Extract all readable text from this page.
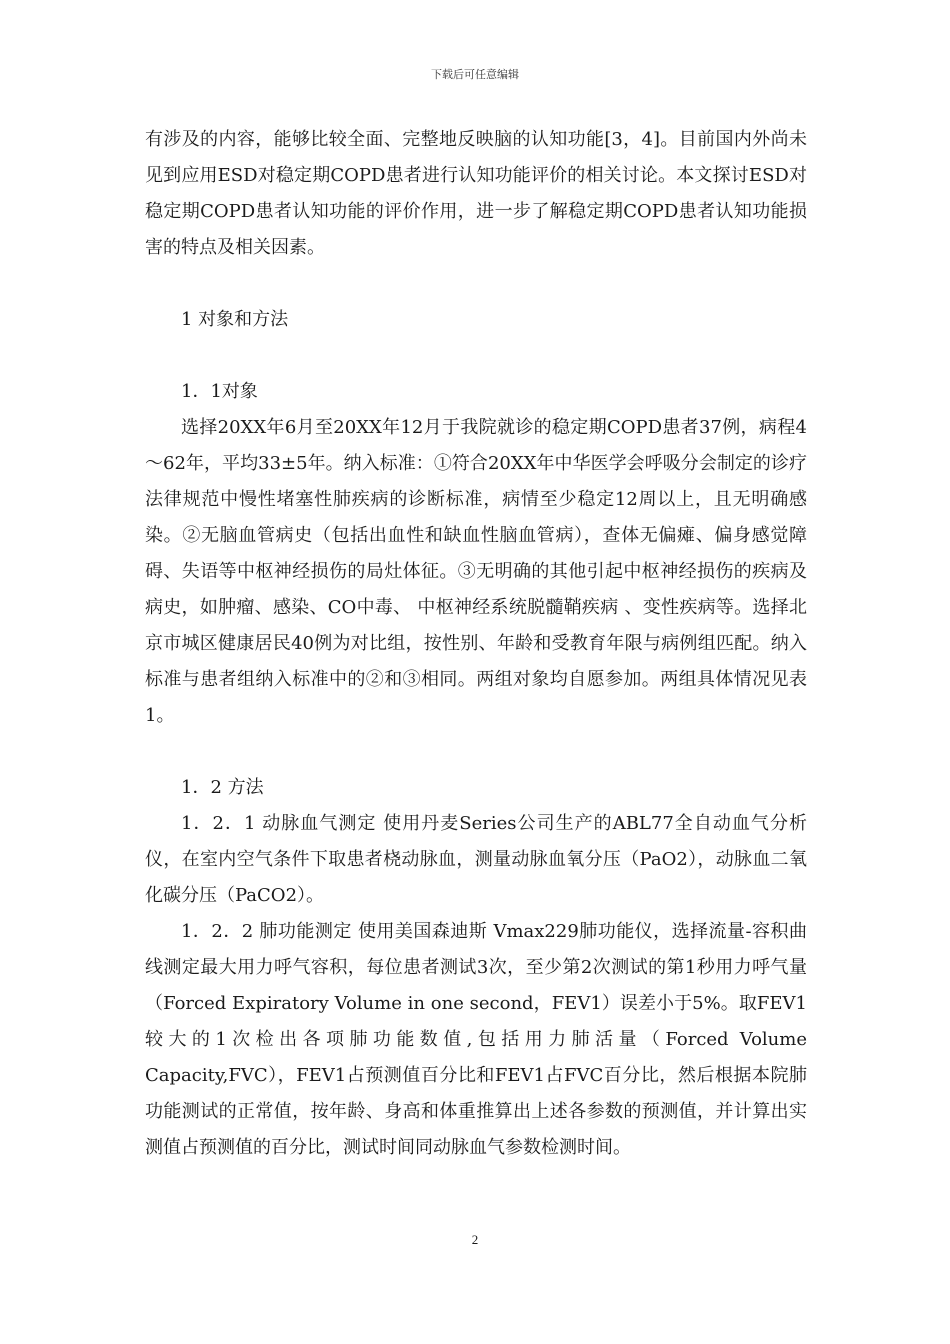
下载后可任意编辑

有涉及的内容，能够比较全面、完整地反映脑的认知功能[3，4]。目前国内外尚未见到应用ESD对稳定期COPD患者进行认知功能评价的相关讨论。本文探讨ESD对稳定期COPD患者认知功能的评价作用，进一步了解稳定期COPD患者认知功能损害的特点及相关因素。

1 对象和方法

1．1对象

选择20XX年6月至20XX年12月于我院就诊的稳定期COPD患者37例，病程4～62年，平均33±5年。纳入标准：①符合20XX年中华医学会呼吸分会制定的诊疗法律规范中慢性堵塞性肺疾病的诊断标准，病情至少稳定12周以上，且无明确感染。②无脑血管病史（包括出血性和缺血性脑血管病），查体无偏瘫、偏身感觉障碍、失语等中枢神经损伤的局灶体征。③无明确的其他引起中枢神经损伤的疾病及病史，如肿瘤、感染、CO中毒、 中枢神经系统脱髓鞘疾病 、变性疾病等。选择北京市城区健康居民40例为对比组，按性别、年龄和受教育年限与病例组匹配。纳入标准与患者组纳入标准中的②和③相同。两组对象均自愿参加。两组具体情况见表1。

1．2 方法

1．2．1 动脉血气测定 使用丹麦Series公司生产的ABL77全自动血气分析仪，在室内空气条件下取患者桡动脉血，测量动脉血氧分压（PaO2），动脉血二氧化碳分压（PaCO2）。

1．2．2 肺功能测定 使用美国森迪斯 Vmax229肺功能仪，选择流量-容积曲线测定最大用力呼气容积，每位患者测试3次，至少第2次测试的第1秒用力呼气量（Forced Expiratory Volume in one second，FEV1）误差小于5%。取FEV1较大的1次检出各项肺功能数值,包括用力肺活量（Forced Volume Capacity,FVC），FEV1占预测值百分比和FEV1占FVC百分比，然后根据本院肺功能测试的正常值，按年龄、身高和体重推算出上述各参数的预测值，并计算出实测值占预测值的百分比，测试时间同动脉血气参数检测时间。

2
